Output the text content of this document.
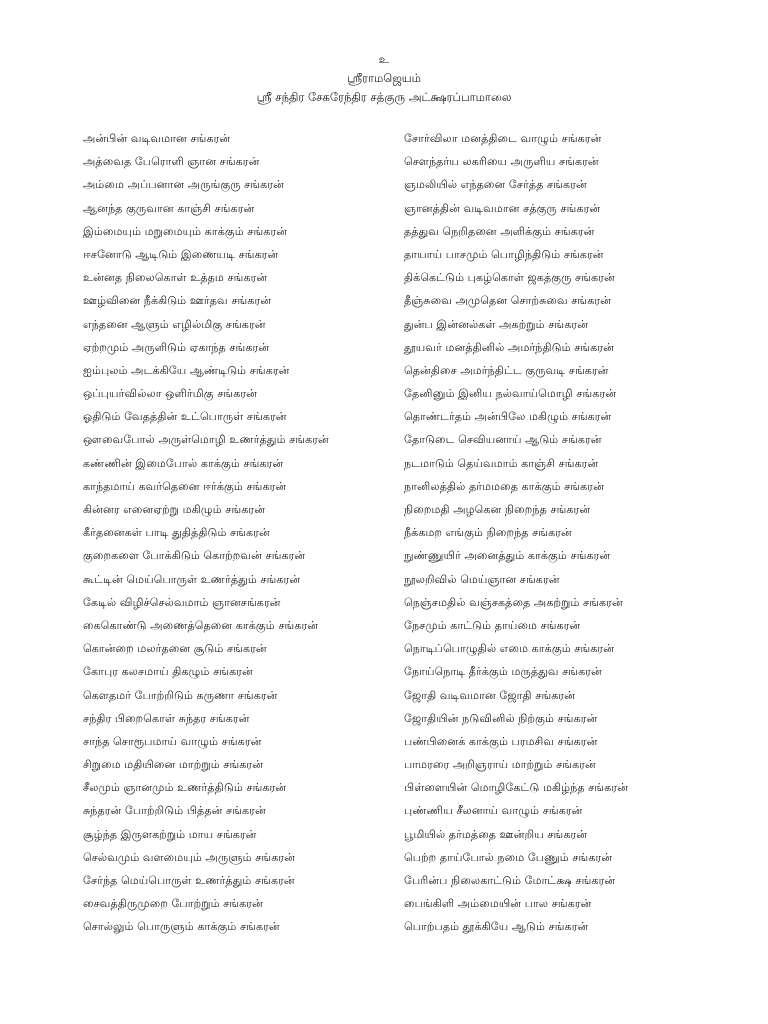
உ
ஸ்ரீராமஜெயம்
ஸ்ரீ சந்திர சேகரேந்திர சத்குரு அட்க்ஷரப்பாமாலை
அன்பின் வடிவமான சங்கரன்
அத்வைத பேரொளி ஞான சங்கரன்
அம்மை அப்பனான அருங்குரு சங்கரன்
ஆனந்த குருவான காஞ்சி சங்கரன்
இம்மையும் மறுமையும் காக்கும் சங்கரன்
ஈசனோடு ஆடிடும் இணையடி சங்கரன்
உன்னத நிலைகொள் உத்தம சங்கரன்
ஊழ்வினை நீக்கிடும் ஊர்தவ சங்கரன்
எந்தனை ஆளும் எழில்மிகு சங்கரன்
ஏற்றமும் அருளிடும் ஏகாந்த சங்கரன்
ஐம்புலம் அடக்கியே ஆண்டிடும் சங்கரன்
ஒப்புயர்வில்லா ஒளிர்மிகு சங்கரன்
ஓதிடும் வேதத்தின் உட்பொருள் சங்கரன்
ஔவைபோல் அருள்மொழி உணர்த்தும் சங்கரன்
கண்ணின் இமைபோல் காக்கும் சங்கரன்
காந்தமாய் கவர்தெனை ஈர்க்கும் சங்கரன்
கின்னர எனைஏற்று மகிழும் சங்கரன்
கீர்தனைகள் பாடி துதித்திடும் சங்கரன்
குறைகளை போக்கிடும் கொற்றவன் சங்கரன்
கூட்டின் மெய்பொருள் உணர்த்தும் சங்கரன்
கேடில் விழிச்செல்வமாம் ஞானசங்கரன்
கைகொண்டு அணைத்தெனை காக்கும் சங்கரன்
கொன்றை மலர்தனை சூடும் சங்கரன்
கோபுர கலசமாய் திகழும் சங்கரன்
கௌதமர் போற்றிடும் கருணா சங்கரன்
சந்திர பிறைகொள் சுந்தர சங்கரன்
சாந்த சொரூபமாய் வாழும் சங்கரன்
சிறுமை மதியினை மாற்றும் சங்கரன்
சீலமும் ஞானமும் உணர்த்திடும் சங்கரன்
சுந்தரன் போற்றிடும் பித்தன் சங்கரன்
சூழ்ந்த இருளகற்றும் மாய சங்கரன்
செல்வமும் வளமையும் அருளும் சங்கரன்
சேர்ந்த மெய்பொருள் உணர்த்தும் சங்கரன்
சைவத்திருமுறை போற்றும் சங்கரன்
சொல்லும் பொருளும் காக்கும் சங்கரன்
சோர்விலா மனத்திடை வாழும் சங்கரன்
சௌந்தர்ய லகரியை அருளிய சங்கரன்
ஞமலியில் எந்தனை சேர்த்த சங்கரன்
ஞானத்தின் வடிவமான சத்குரு சங்கரன்
தத்துவ நெறிதனை அளிக்கும் சங்கரன்
தாயாய் பாசமும் பொழிந்திடும் சங்கரன்
திக்கெட்டும் புகழ்கொள் ஜகத்குரு சங்கரன்
தீஞ்சுவை அமுதென சொற்சுவை சங்கரன்
துன்ப இன்னல்கள் அகற்றும் சங்கரன்
தூயவர் மனத்தினில் அமர்ந்திடும் சங்கரன்
தென்திசை அமர்ந்திட்ட குருவடி சங்கரன்
தேனினும் இனிய நல்வாய்மொழி சங்கரன்
தொண்டர்தம் அன்பிலே மகிழும் சங்கரன்
தோடுடை செவியனாய் ஆடும் சங்கரன்
நடமாடும் தெய்வமாம் காஞ்சி சங்கரன்
நானிலத்தில் தர்மமதை காக்கும் சங்கரன்
நிறைமதி அழகென நிறைந்த சங்கரன்
நீக்கமற எங்கும் நிறைந்த சங்கரன்
நுண்ணுயிர் அனைத்தும் காக்கும் சங்கரன்
நூலறிவில் மெய்ஞான சங்கரன்
நெஞ்சமதில் வஞ்சகத்தை அகற்றும் சங்கரன்
நேசமும் காட்டும் தாய்மை சங்கரன்
நொடிப்பொழுதில் எமை காக்கும் சங்கரன்
நோய்நொடி தீர்க்கும் மருத்துவ சங்கரன்
ஜோதி வடிவமான ஜோதி சங்கரன்
ஜோதியின் நடுவினில் நிற்கும் சங்கரன்
பண்பினைக் காக்கும் பரமசிவ சங்கரன்
பாமரரை அறிஞராய் மாற்றும் சங்கரன்
பிள்ளையின் மொழிகேட்டு மகிழ்ந்த சங்கரன்
புண்ணிய சீலனாய் வாழும் சங்கரன்
பூமியில் தர்மத்தை ஊன்றிய சங்கரன்
பெற்ற தாய்போல் நமை பேணும் சங்கரன்
பேரின்ப நிலைகாட்டும் மோட்க்ஷ சங்கரன்
பைங்கிளி அம்மையின் பால சங்கரன்
பொற்பதம் தூக்கியே ஆடும் சங்கரன்
